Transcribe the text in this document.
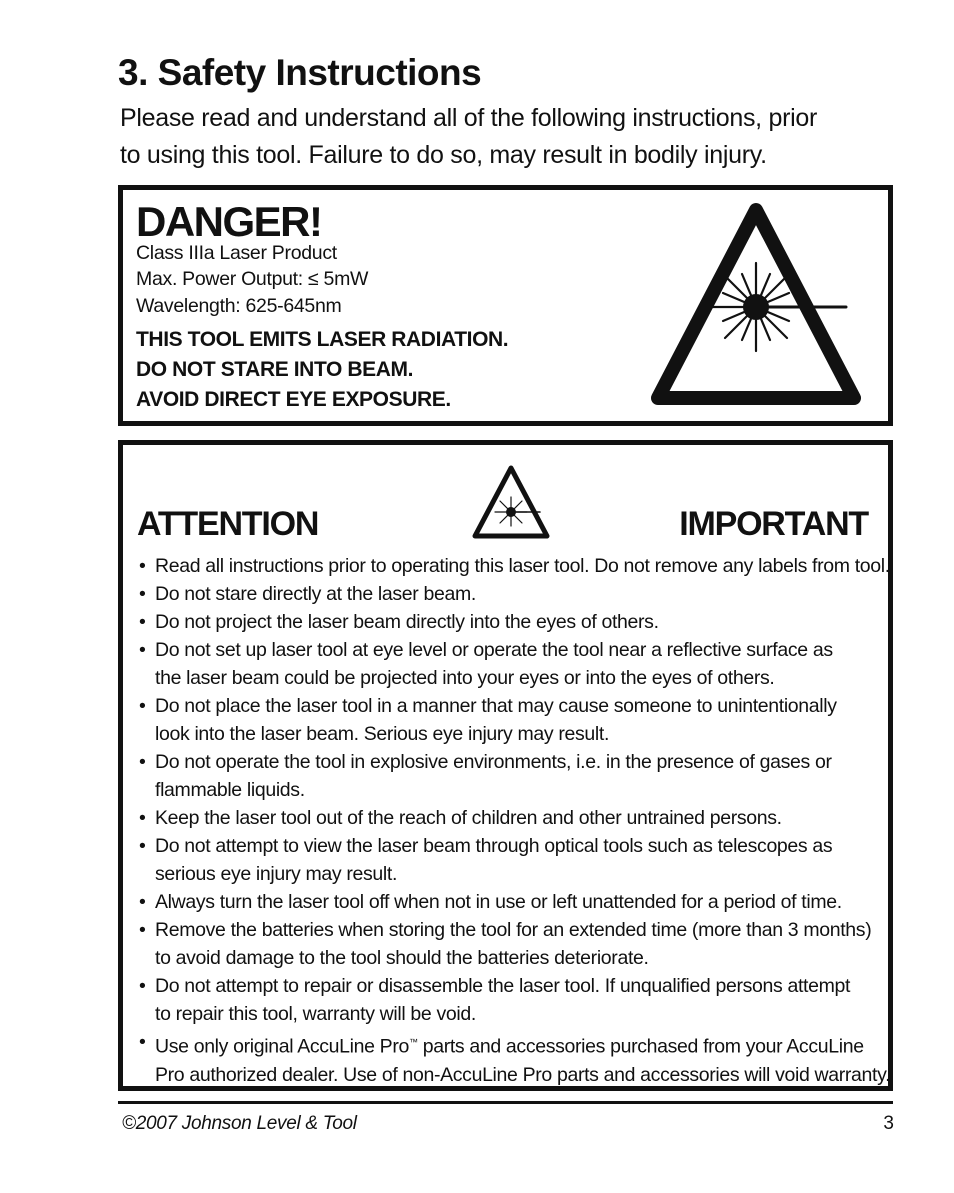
3. Safety Instructions
Please read and understand all of the following instructions, prior
to using this tool. Failure to do so, may result in bodily injury.
DANGER!
Class IIIa Laser Product
Max. Power Output: ≤ 5mW
Wavelength: 625-645nm
THIS TOOL EMITS LASER RADIATION.
DO NOT STARE INTO BEAM.
AVOID DIRECT EYE EXPOSURE.
ATTENTION	IMPORTANT
• Read all instructions prior to operating this laser tool. Do not remove any labels from tool.
• Do not stare directly at the laser beam.
• Do not project the laser beam directly into the eyes of others.
• Do not set up laser tool at eye level or operate the tool near a reflective surface as
the laser beam could be projected into your eyes or into the eyes of others.
• Do not place the laser tool in a manner that may cause someone to unintentionally
look into the laser beam. Serious eye injury may result.
• Do not operate the tool in explosive environments, i.e. in the presence of gases or
flammable liquids.
• Keep the laser tool out of the reach of children and other untrained persons.
• Do not attempt to view the laser beam through optical tools such as telescopes as
serious eye injury may result.
• Always turn the laser tool off when not in use or left unattended for a period of time.
• Remove the batteries when storing the tool for an extended time (more than 3 months)
to avoid damage to the tool should the batteries deteriorate.
• Do not attempt to repair or disassemble the laser tool. If unqualified persons attempt
to repair this tool, warranty will be void.
• Use only original AccuLine Pro™ parts and accessories purchased from your AccuLine
Pro authorized dealer. Use of non-AccuLine Pro parts and accessories will void warranty.
©2007 Johnson Level & Tool	3
